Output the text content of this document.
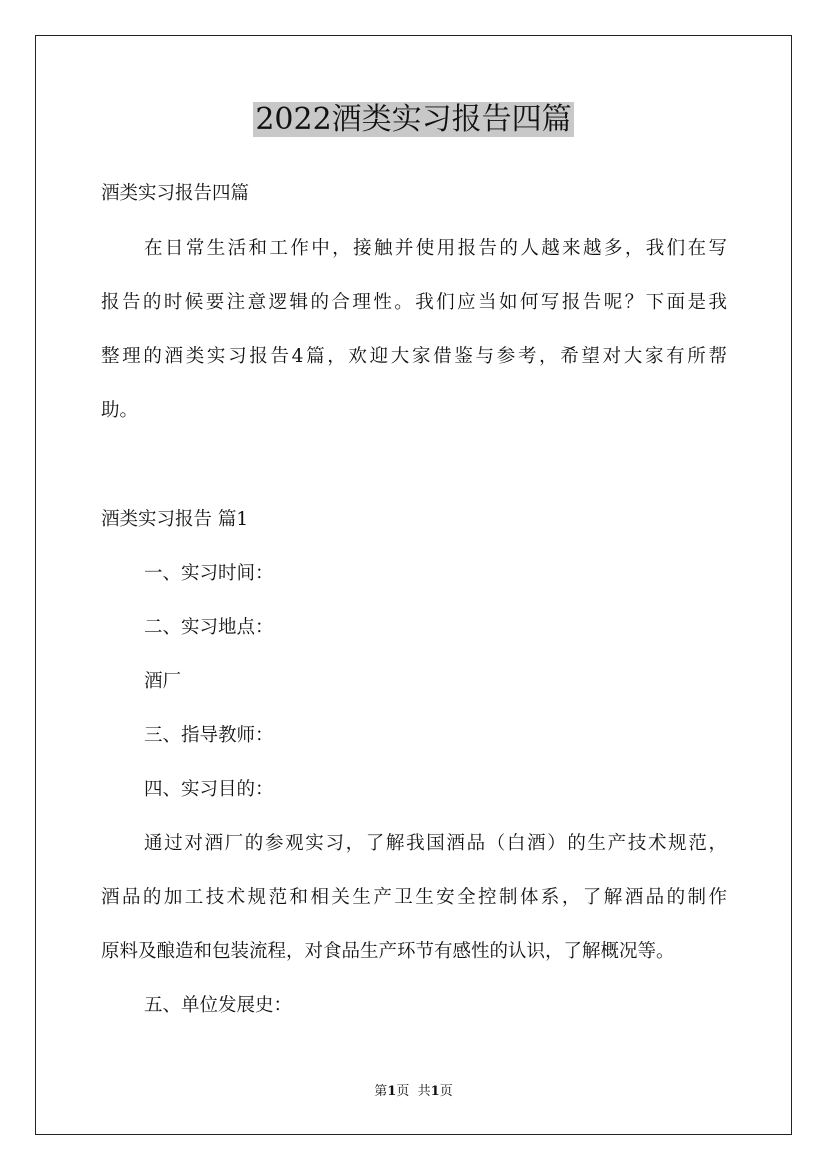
2022酒类实习报告四篇
酒类实习报告四篇
在日常生活和工作中，接触并使用报告的人越来越多，我们在写
报告的时候要注意逻辑的合理性。我们应当如何写报告呢？下面是我
整理的酒类实习报告4篇，欢迎大家借鉴与参考，希望对大家有所帮
助。
酒类实习报告 篇1
一、实习时间：
二、实习地点：
酒厂
三、指导教师：
四、实习目的：
通过对酒厂的参观实习，了解我国酒品（白酒）的生产技术规范，
酒品的加工技术规范和相关生产卫生安全控制体系，了解酒品的制作
原料及酿造和包装流程，对食品生产环节有感性的认识，了解概况等。
五、单位发展史：
第1页 共1页
